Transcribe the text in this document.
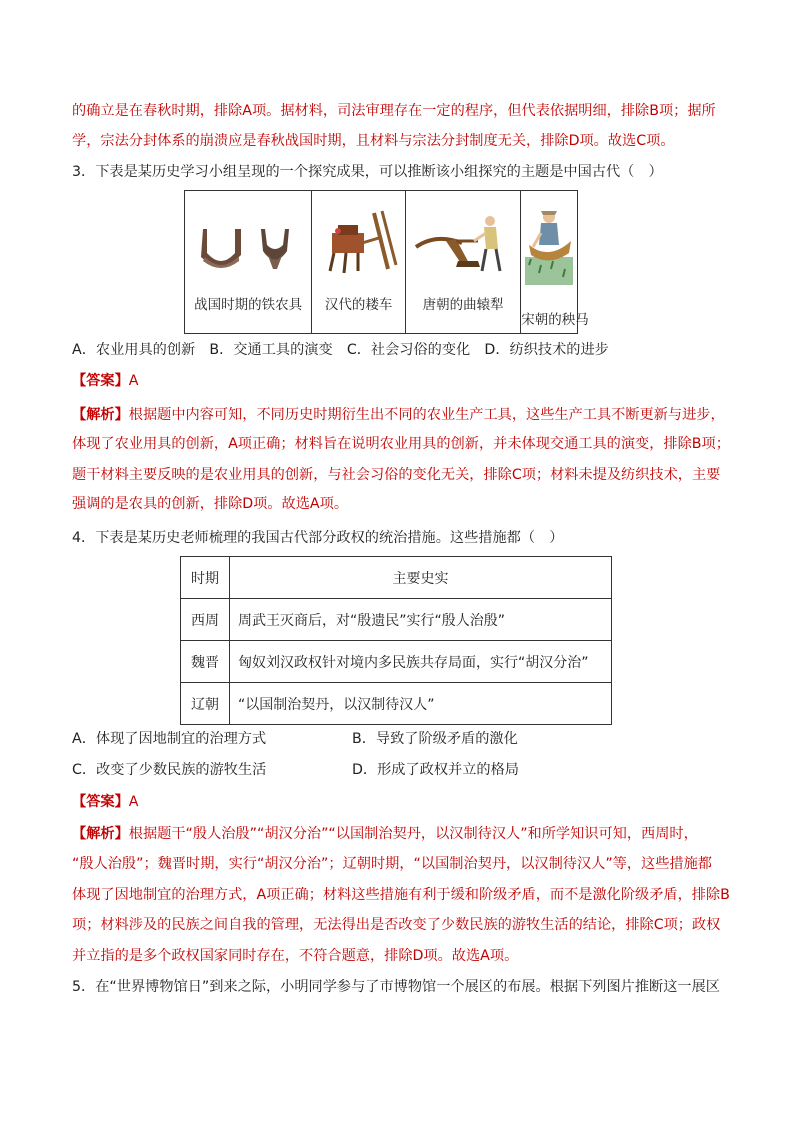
的确立是在春秋时期，排除A项。据材料，司法审理存在一定的程序，但代表依据明细，排除B项；据所
学，宗法分封体系的崩溃应是春秋战国时期，且材料与宗法分封制度无关，排除D项。故选C项。
3．下表是某历史学习小组呈现的一个探究成果，可以推断该小组探究的主题是中国古代（　）
战国时期的铁农具	汉代的耧车	唐朝的曲辕犁
宋朝的秧马
A．农业用具的创新　B．交通工具的演变　C．社会习俗的变化　D．纺织技术的进步
【答案】A
【解析】根据题中内容可知，不同历史时期衍生出不同的农业生产工具，这些生产工具不断更新与进步，
体现了农业用具的创新，A项正确；材料旨在说明农业用具的创新，并未体现交通工具的演变，排除B项；
题干材料主要反映的是农业用具的创新，与社会习俗的变化无关，排除C项；材料未提及纺织技术，主要
强调的是农具的创新，排除D项。故选A项。
4．下表是某历史老师梳理的我国古代部分政权的统治措施。这些措施都（　）
时期	主要史实
西周	周武王灭商后，对“殷遗民”实行“殷人治殷”
魏晋	匈奴刘汉政权针对境内多民族共存局面，实行“胡汉分治”
辽朝	“以国制治契丹，以汉制待汉人”
A．体现了因地制宜的治理方式	B．导致了阶级矛盾的激化
C．改变了少数民族的游牧生活	D．形成了政权并立的格局
【答案】A
【解析】根据题干“殷人治殷”“胡汉分治”“以国制治契丹，以汉制待汉人”和所学知识可知，西周时，
“殷人治殷”；魏晋时期，实行“胡汉分治”；辽朝时期，“以国制治契丹，以汉制待汉人”等，这些措施都
体现了因地制宜的治理方式，A项正确；材料这些措施有利于缓和阶级矛盾，而不是激化阶级矛盾，排除B
项；材料涉及的民族之间自我的管理，无法得出是否改变了少数民族的游牧生活的结论，排除C项；政权
并立指的是多个政权国家同时存在，不符合题意，排除D项。故选A项。
5．在“世界博物馆日”到来之际，小明同学参与了市博物馆一个展区的布展。根据下列图片推断这一展区
